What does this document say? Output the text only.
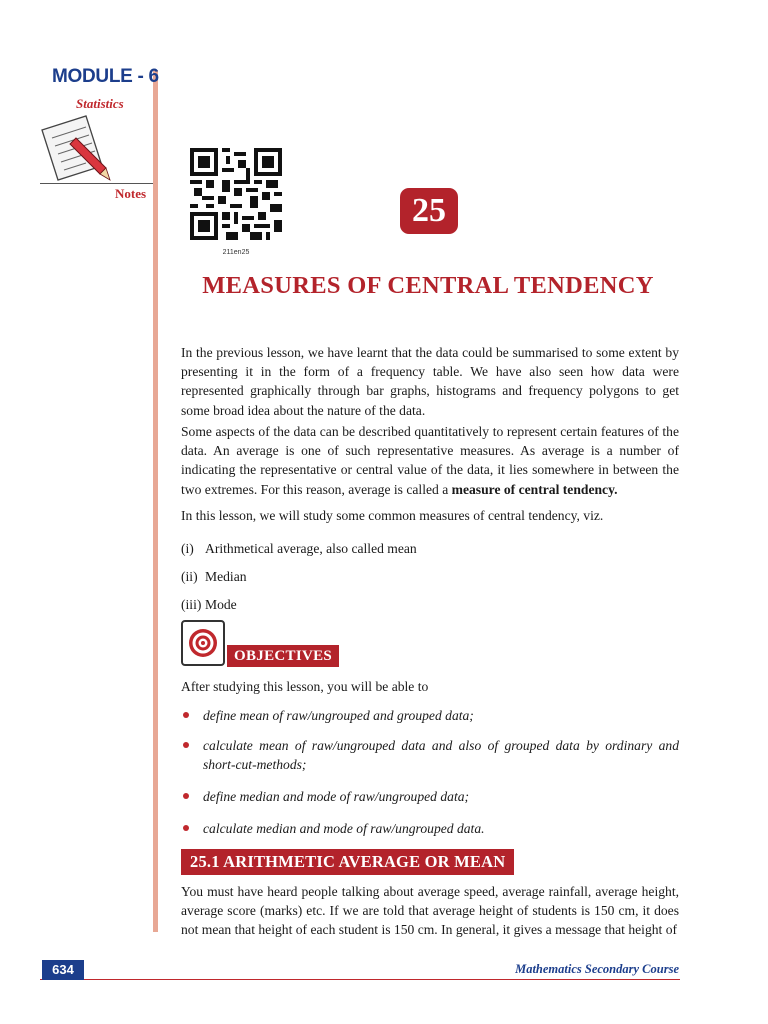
MODULE - 6
Statistics
Notes
211en25
25
MEASURES OF CENTRAL TENDENCY

In the previous lesson, we have learnt that the data could be summarised to some extent by presenting it in the form of a frequency table. We have also seen how data were represented graphically through bar graphs, histograms and frequency polygons to get some broad idea about the nature of the data.

Some aspects of the data can be described quantitatively to represent certain features of the data. An average is one of such representative measures. As average is a number of indicating the representative or central value of the data, it lies somewhere in between the two extremes. For this reason, average is called a measure of central tendency.

In this lesson, we will study some common measures of central tendency, viz.

(i) Arithmetical average, also called mean
(ii) Median
(iii) Mode
OBJECTIVES
After studying this lesson, you will be able to
define mean of raw/ungrouped and grouped data;
calculate mean of raw/ungrouped data and also of grouped data by ordinary and short-cut-methods;
define median and mode of raw/ungrouped data;
calculate median and mode of raw/ungrouped data.
25.1 ARITHMETIC AVERAGE OR MEAN

You must have heard people talking about average speed, average rainfall, average height, average score (marks) etc. If we are told that average height of students is 150 cm, it does not mean that height of each student is 150 cm. In general, it gives a message that height of

634	Mathematics Secondary Course
